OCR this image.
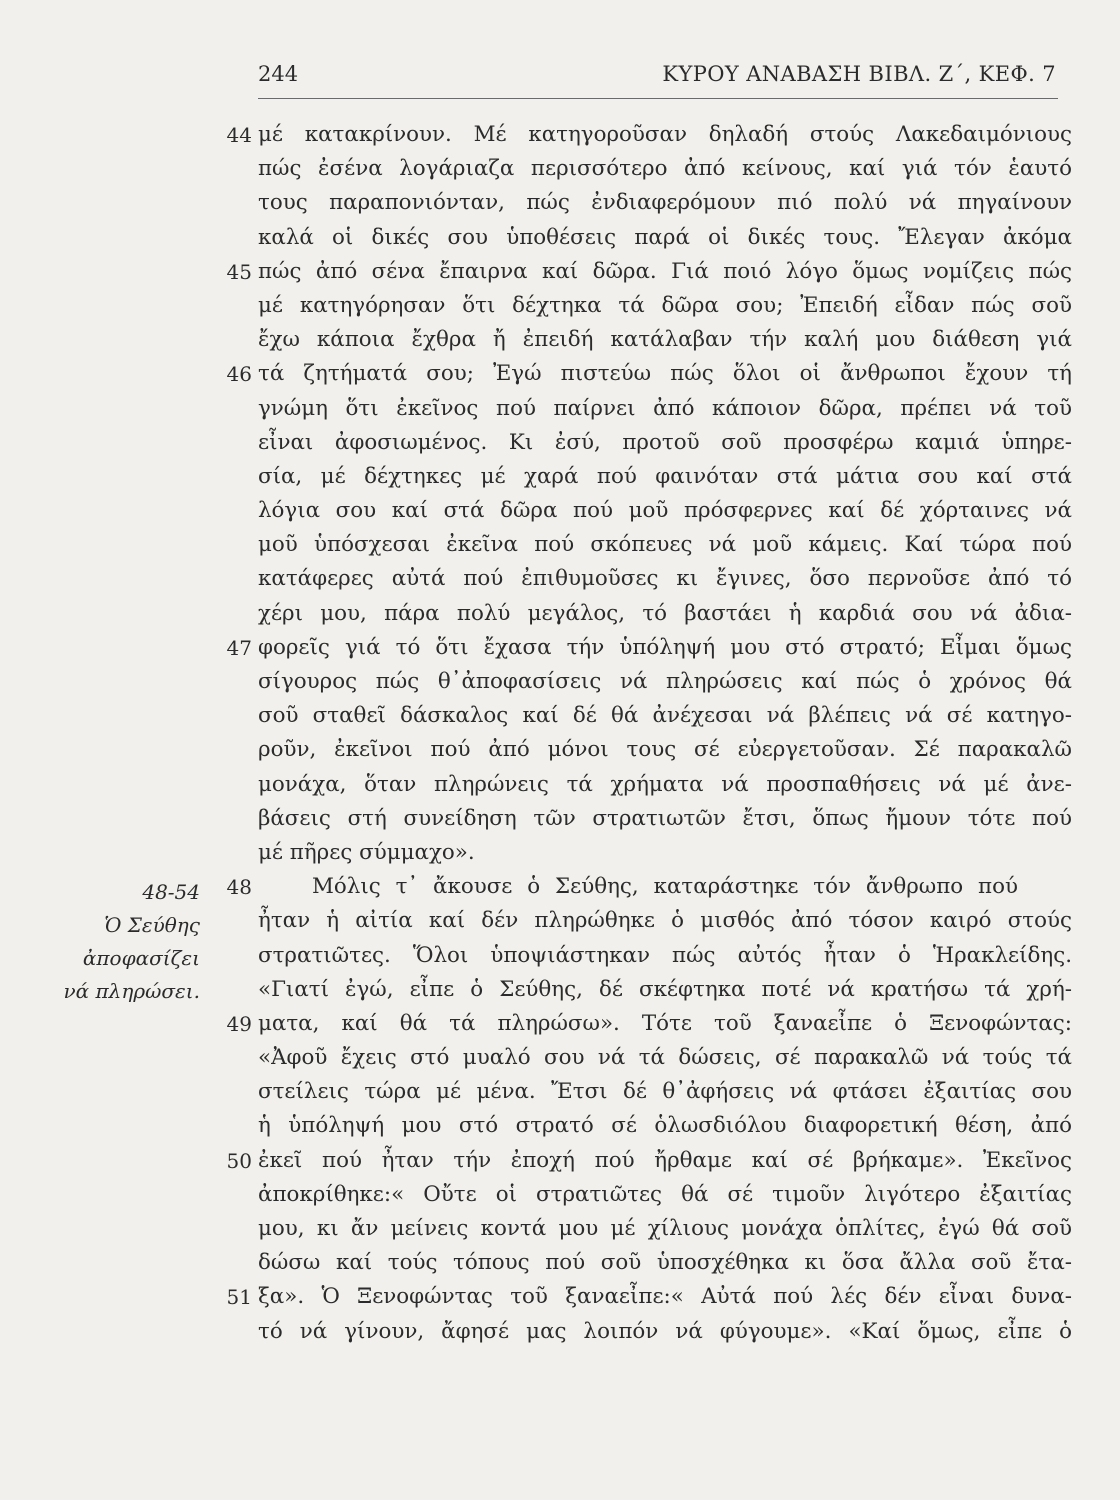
244	ΚΥΡΟΥ ΑΝΑΒΑΣΗ ΒΙΒΛ. Ζ΄, ΚΕΦ. 7
48-54
Ὁ Σεύθης
ἀποφασίζει
νά πληρώσει.
44 μέ κατακρίνουν. Μέ κατηγοροῦσαν δηλαδή στούς Λακεδαιμόνιους
πώς ἐσένα λογάριαζα περισσότερο ἀπό κείνους, καί γιά τόν ἑαυτό
τους παραπονιόνταν, πώς ἐνδιαφερόμουν πιό πολύ νά πηγαίνουν
καλά οἱ δικές σου ὑποθέσεις παρά οἱ δικές τους. Ἔλεγαν ἀκόμα
45 πώς ἀπό σένα ἔπαιρνα καί δῶρα. Γιά ποιό λόγο ὅμως νομίζεις πώς
μέ κατηγόρησαν ὅτι δέχτηκα τά δῶρα σου; Ἐπειδή εἶδαν πώς σοῦ
ἔχω κάποια ἔχθρα ἤ ἐπειδή κατάλαβαν τήν καλή μου διάθεση γιά
46 τά ζητήματά σου; Ἐγώ πιστεύω πώς ὅλοι οἱ ἄνθρωποι ἔχουν τή
γνώμη ὅτι ἐκεῖνος πού παίρνει ἀπό κάποιον δῶρα, πρέπει νά τοῦ
εἶναι ἀφοσιωμένος. Κι ἐσύ, προτοῦ σοῦ προσφέρω καμιά ὑπηρε-
σία, μέ δέχτηκες μέ χαρά πού φαινόταν στά μάτια σου καί στά
λόγια σου καί στά δῶρα πού μοῦ πρόσφερνες καί δέ χόρταινες νά
μοῦ ὑπόσχεσαι ἐκεῖνα πού σκόπευες νά μοῦ κάμεις. Καί τώρα πού
κατάφερες αὐτά πού ἐπιθυμοῦσες κι ἔγινες, ὅσο περνοῦσε ἀπό τό
χέρι μου, πάρα πολύ μεγάλος, τό βαστάει ἡ καρδιά σου νά ἀδια-
47 φορεῖς γιά τό ὅτι ἔχασα τήν ὑπόληψή μου στό στρατό; Εἶμαι ὅμως
σίγουρος πώς θ᾽ἀποφασίσεις νά πληρώσεις καί πώς ὁ χρόνος θά
σοῦ σταθεῖ δάσκαλος καί δέ θά ἀνέχεσαι νά βλέπεις νά σέ κατηγο-
ροῦν, ἐκεῖνοι πού ἀπό μόνοι τους σέ εὐεργετοῦσαν. Σέ παρακαλῶ
μονάχα, ὅταν πληρώνεις τά χρήματα νά προσπαθήσεις νά μέ ἀνε-
βάσεις στή συνείδηση τῶν στρατιωτῶν ἔτσι, ὅπως ἤμουν τότε πού
μέ πῆρες σύμμαχο».
48	Μόλις τ᾽ ἄκουσε ὁ Σεύθης, καταράστηκε τόν ἄνθρωπο πού
ἦταν ἡ αἰτία καί δέν πληρώθηκε ὁ μισθός ἀπό τόσον καιρό στούς
στρατιῶτες. Ὅλοι ὑποψιάστηκαν πώς αὐτός ἦταν ὁ Ἡρακλείδης.
«Γιατί ἐγώ, εἶπε ὁ Σεύθης, δέ σκέφτηκα ποτέ νά κρατήσω τά χρή-
49 ματα, καί θά τά πληρώσω». Τότε τοῦ ξαναεἶπε ὁ Ξενοφώντας:
«Ἀφοῦ ἔχεις στό μυαλό σου νά τά δώσεις, σέ παρακαλῶ νά τούς τά
στείλεις τώρα μέ μένα. Ἔτσι δέ θ᾽ἀφήσεις νά φτάσει ἐξαιτίας σου
ἡ ὑπόληψή μου στό στρατό σέ ὁλωσδιόλου διαφορετική θέση, ἀπό
50 ἐκεῖ πού ἦταν τήν ἐποχή πού ἤρθαμε καί σέ βρήκαμε». Ἐκεῖνος
ἀποκρίθηκε:« Οὔτε οἱ στρατιῶτες θά σέ τιμοῦν λιγότερο ἐξαιτίας
μου, κι ἄν μείνεις κοντά μου μέ χίλιους μονάχα ὁπλίτες, ἐγώ θά σοῦ
δώσω καί τούς τόπους πού σοῦ ὑποσχέθηκα κι ὅσα ἄλλα σοῦ ἔτα-
51 ξα». Ὁ Ξενοφώντας τοῦ ξαναεἶπε:« Αὐτά πού λές δέν εἶναι δυνα-
τό νά γίνουν, ἄφησέ μας λοιπόν νά φύγουμε». «Καί ὅμως, εἶπε ὁ
